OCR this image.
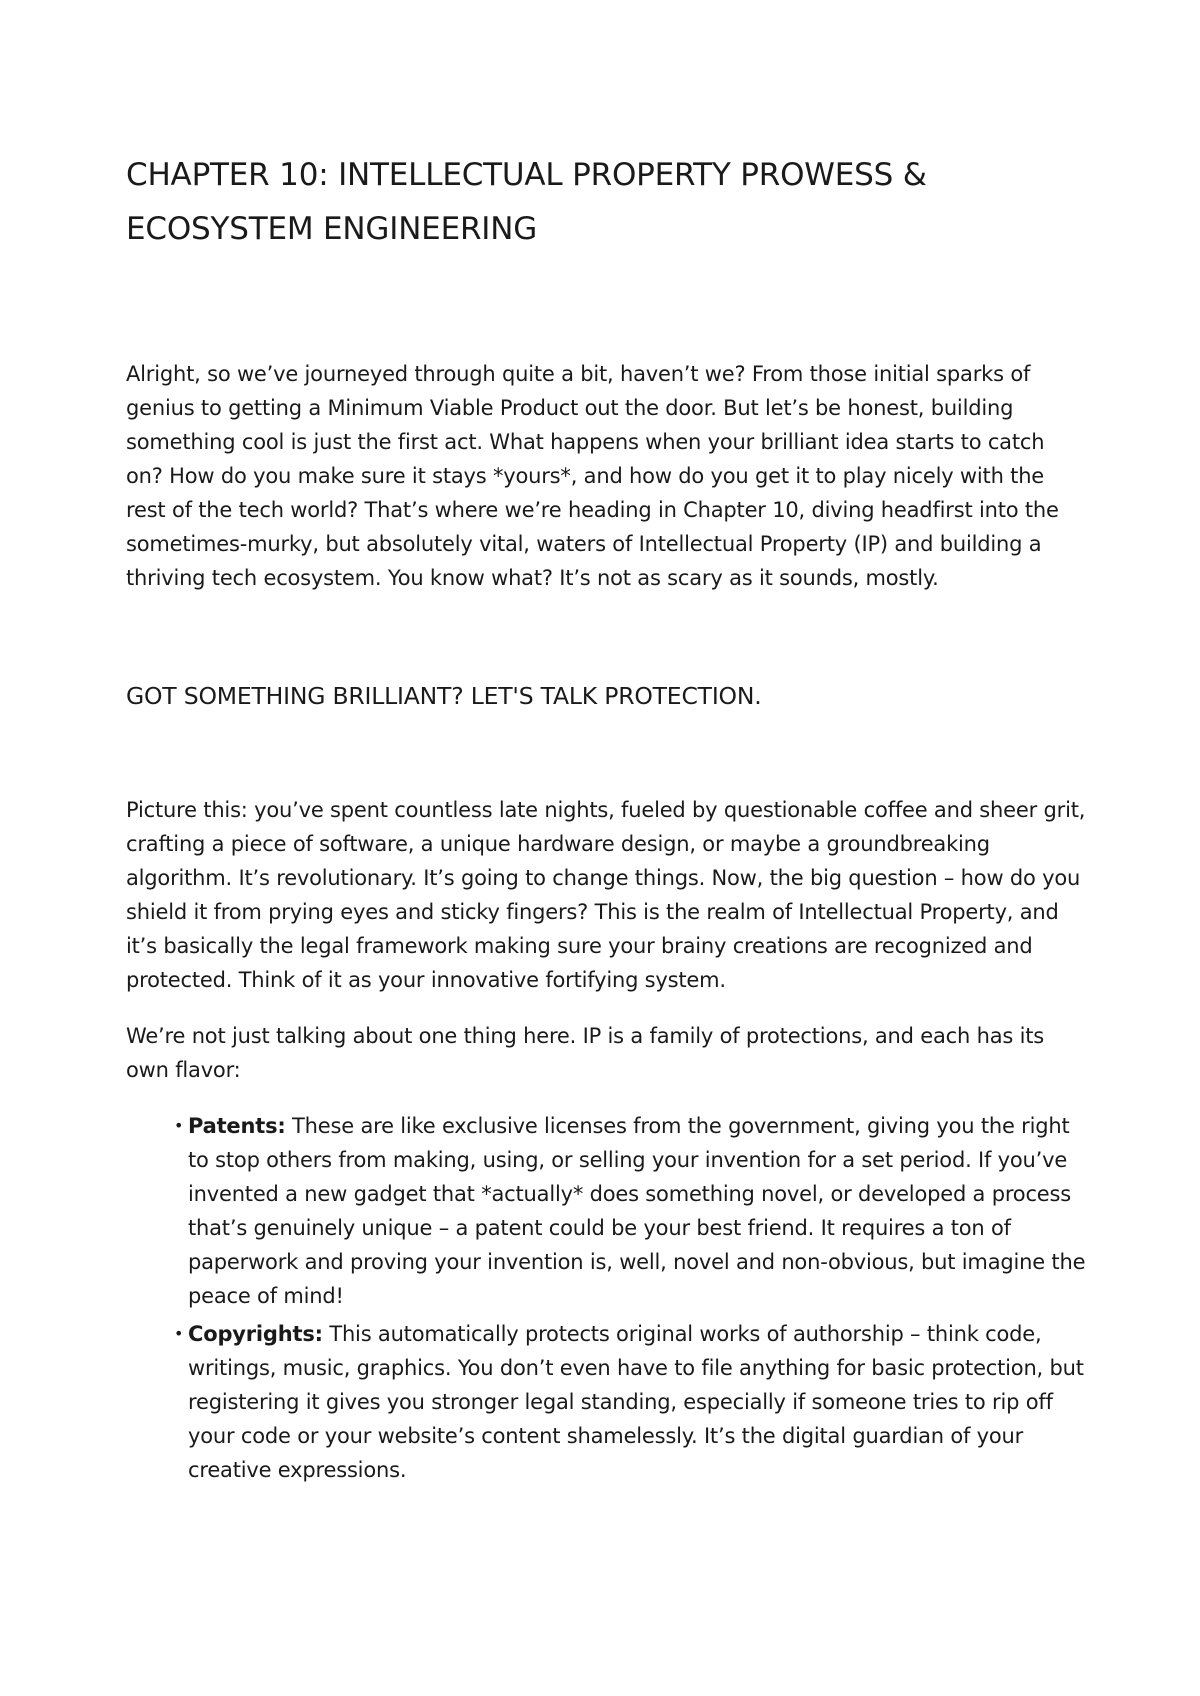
CHAPTER 10: INTELLECTUAL PROPERTY PROWESS & ECOSYSTEM ENGINEERING

Alright, so we’ve journeyed through quite a bit, haven’t we? From those initial sparks of genius to getting a Minimum Viable Product out the door. But let’s be honest, building something cool is just the first act. What happens when your brilliant idea starts to catch on? How do you make sure it stays *yours*, and how do you get it to play nicely with the rest of the tech world? That’s where we’re heading in Chapter 10, diving headfirst into the sometimes-murky, but absolutely vital, waters of Intellectual Property (IP) and building a thriving tech ecosystem. You know what? It’s not as scary as it sounds, mostly.

GOT SOMETHING BRILLIANT? LET'S TALK PROTECTION.

Picture this: you’ve spent countless late nights, fueled by questionable coffee and sheer grit, crafting a piece of software, a unique hardware design, or maybe a groundbreaking algorithm. It’s revolutionary. It’s going to change things. Now, the big question – how do you shield it from prying eyes and sticky fingers? This is the realm of Intellectual Property, and it’s basically the legal framework making sure your brainy creations are recognized and protected. Think of it as your innovative fortifying system.

We’re not just talking about one thing here. IP is a family of protections, and each has its own flavor:

• Patents: These are like exclusive licenses from the government, giving you the right to stop others from making, using, or selling your invention for a set period. If you’ve invented a new gadget that *actually* does something novel, or developed a process that’s genuinely unique – a patent could be your best friend. It requires a ton of paperwork and proving your invention is, well, novel and non-obvious, but imagine the peace of mind!
• Copyrights: This automatically protects original works of authorship – think code, writings, music, graphics. You don’t even have to file anything for basic protection, but registering it gives you stronger legal standing, especially if someone tries to rip off your code or your website’s content shamelessly. It’s the digital guardian of your creative expressions.
